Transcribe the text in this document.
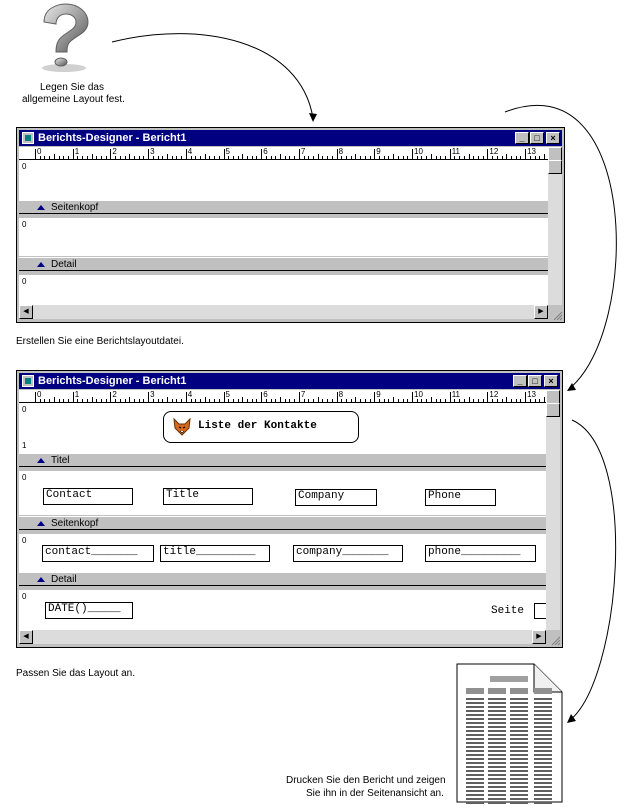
Legen Sie das
allgemeine Layout fest.
Berichts-Designer - Bericht1	_	□	×
0	1	2	3	4	5	6	7	8	9	10	11	12	13
0
Seitenkopf
0
Detail
0
◀	▶
Erstellen Sie eine Berichtslayoutdatei.
Berichts-Designer - Bericht1	_	□	×
0	1	2	3	4	5	6	7	8	9	10	11	12	13
0
1
Liste der Kontakte
Titel
0
Contact	Title	Company	Phone
Seitenkopf
0
contact_______	title_________	company_______	phone_________
Detail
0
DATE()_____	Seite
◀	▶
Passen Sie das Layout an.
Drucken Sie den Bericht und zeigen
Sie ihn in der Seitenansicht an.
